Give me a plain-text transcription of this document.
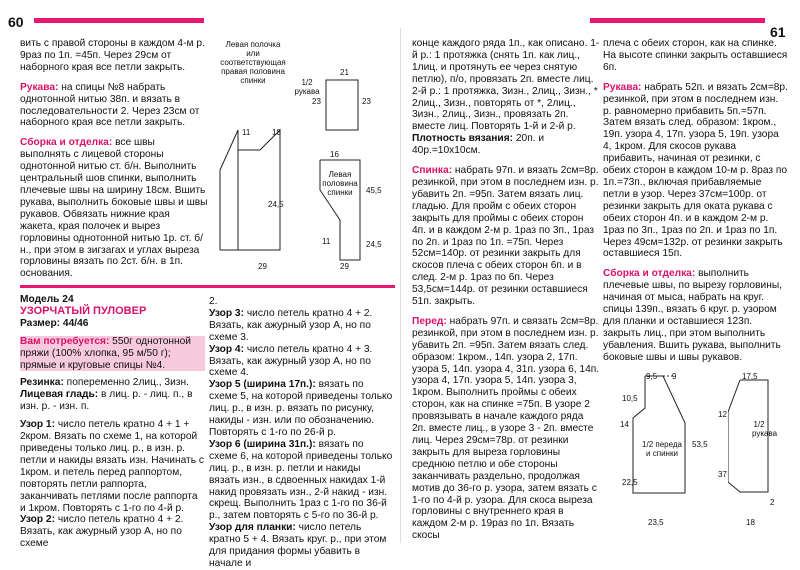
60
61

вить с правой стороны в каждом 4-м р. 9раз по 1п. =45п. Через 29см от наборного края все петли закрыть.

Рукава: на спицы №8 набрать однотонной нитью 38п. и вязать в последовательности 2. Через 23см от наборного края все петли закрыть.

Сборка и отделка: все швы выполнять с лицевой стороны однотонной нитью ст. б/н. Выполнить центральный шов спинки, выполнить плечевые швы на ширину 18см. Вшить рукава, выполнить боковые швы и швы рукавов. Обвязать нижние края жакета, края полочек и вырез горловины однотонной нитью 1р. ст. б/н., при этом в зигзагах и углах выреза горловины вязать по 2ст. б/н. в 1п. основания.

Левая полочка или соответствующая правая половина спинки
11	18
24,5
29
1/2 рукава
21
23	23
Левая половина спинки
16
45,5
11	24,5
29

Модель 24

УЗОРЧАТЫЙ ПУЛОВЕР

Размер: 44/46

Вам потребуется: 550г однотонной пряжи (100% хлопка, 95 м/50 г); прямые и круговые спицы №4.

Резинка: попеременно 2лиц., 3изн.

Лицевая гладь: в лиц. р. - лиц. п., в изн. р. - изн. п.

Узор 1: число петель кратно 4 + 1 + 2кром. Вязать по схеме 1, на которой приведены только лиц. р., в изн. р. петли и накиды вязать изн. Начинать с 1кром. и петель перед раппортом, повторять петли раппорта, заканчивать петлями после раппорта и 1кром. Повторять с 1-го по 4-й р.

Узор 2: число петель кратно 4 + 2. Вязать, как ажурный узор А, но по схеме

2.

Узор 3: число петель кратно 4 + 2. Вязать, как ажурный узор А, но по схеме 3.

Узор 4: число петель кратно 4 + 3. Вязать, как ажурный узор А, но по схеме 4.

Узор 5 (ширина 17п.): вязать по схеме 5, на которой приведены только лиц. р., в изн. р. вязать по рисунку, накиды - изн. или по обозначению. Повторять с 1-го по 26-й р.

Узор 6 (ширина 31п.): вязать по схеме 6, на которой приведены только лиц. р., в изн. р. петли и накиды вязать изн., в сдвоенных накидах 1-й накид провязать изн., 2-й накид - изн. скрещ. Выполнить 1раз с 1-го по 36-й р., затем повторять с 5-го по 36-й р.

Узор для планки: число петель кратно 5 + 4. Вязать круг. р., при этом для придания формы убавить в начале и

конце каждого ряда 1п., как описано. 1-й р.: 1 протяжка (снять 1п. как лиц., 1лиц. и протянуть ее через снятую петлю), п/о, провязать 2п. вместе лиц. 2-й р.: 1 протяжка, 3изн., 2лиц., 3изн., * 2лиц., 3изн., повторять от *, 2лиц., 3изн., 2лиц., 3изн., провязать 2п. вместе лиц. Повторять 1-й и 2-й р.

Плотность вязания: 20п. и 40р.=10х10см.

Спинка: набрать 97п. и вязать 2см=8р. резинкой, при этом в последнем изн. р. убавить 2п. =95п. Затем вязать лиц. гладью. Для пройм с обеих сторон закрыть для проймы с обеих сторон 4п. и в каждом 2-м р. 1раз по 3п., 1раз по 2п. и 1раз по 1п. =75п. Через 52см=140р. от резинки закрыть для скосов плеча с обеих сторон 6п. и в след. 2-м р. 1раз по 6п. Через 53,5см=144р. от резинки оставшиеся 51п. закрыть.

Перед: набрать 97п. и связать 2см=8р. резинкой, при этом в последнем изн. р. убавить 2п. =95п. Затем вязать след. образом: 1кром., 14п. узора 2, 17п. узора 5, 14п. узора 4, 31п. узора 6, 14п. узора 4, 17п. узора 5, 14п. узора 3, 1кром. Выполнить проймы с обеих сторон, как на спинке =75п. В узоре 2 провязывать в начале каждого ряда 2п. вместе лиц., в узоре 3 - 2п. вместе лиц. Через 29см=78р. от резинки закрыть для выреза горловины среднюю петлю и обе стороны заканчивать раздельно, продолжая мотив до 36-го р. узора, затем вязать с 1-го по 4-й р. узора. Для скоса выреза горловины с внутреннего края в каждом 2-м р. 19раз по 1п. Вязать скосы

плеча с обеих сторон, как на спинке. На высоте спинки закрыть оставшиеся 6п.

Рукава: набрать 52п. и вязать 2см=8р. резинкой, при этом в последнем изн. р. равномерно прибавить 5п.=57п. Затем вязать след. образом: 1кром., 19п. узора 4, 17п. узора 5, 19п. узора 4, 1кром. Для скосов рукава прибавить, начиная от резинки, с обеих сторон в каждом 10-м р. 8раз по 1п.=73п., включая прибавляемые петли в узор. Через 37см=100р. от резинки закрыть для оката рукава с обеих сторон 4п. и в каждом 2-м р. 1раз по 3п., 1раз по 2п. и 1раз по 1п. Через 49см=132р. от резинки закрыть оставшиеся 15п.

Сборка и отделка: выполнить плечевые швы, по вырезу горловины, начиная от мыса, набрать на круг. спицы 139п., вязать 6 круг. р. узором для планки и оставшиеся 123п. закрыть лиц., при этом выполнить убавления. Вшить рукава, выполнить боковые швы и швы рукавов.

9,5 9
10,5
14
53,5
22,5
23,5
1/2 переда и спинки
17,5
12
37
2
18
1/2 рукава
